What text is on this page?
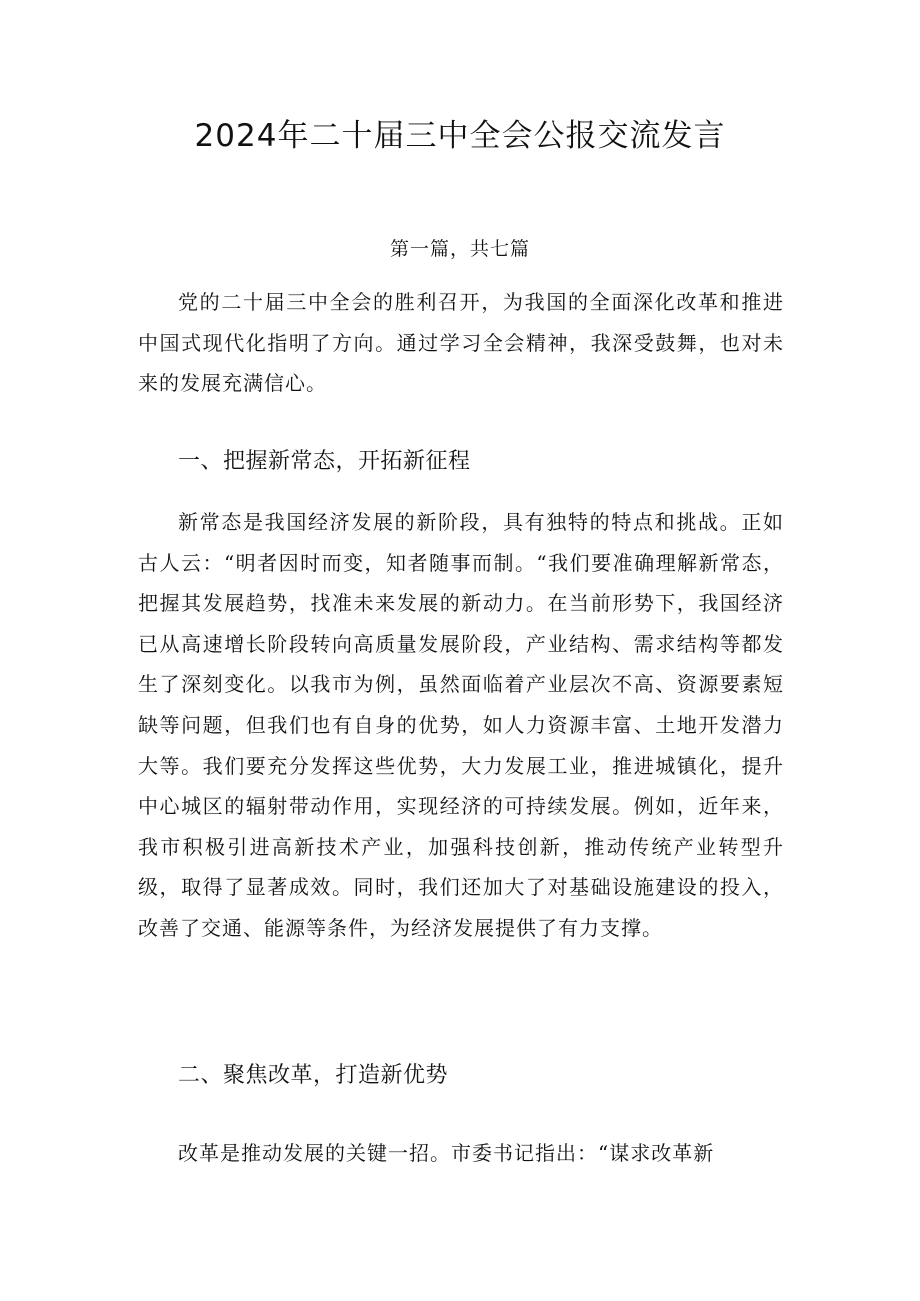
2024年二十届三中全会公报交流发言
第一篇，共七篇

党的二十届三中全会的胜利召开，为我国的全面深化改革和推进中国式现代化指明了方向。通过学习全会精神，我深受鼓舞，也对未来的发展充满信心。

一、把握新常态，开拓新征程

新常态是我国经济发展的新阶段，具有独特的特点和挑战。正如古人云：“明者因时而变，知者随事而制。“我们要准确理解新常态，把握其发展趋势，找准未来发展的新动力。在当前形势下，我国经济已从高速增长阶段转向高质量发展阶段，产业结构、需求结构等都发生了深刻变化。以我市为例，虽然面临着产业层次不高、资源要素短缺等问题，但我们也有自身的优势，如人力资源丰富、土地开发潜力大等。我们要充分发挥这些优势，大力发展工业，推进城镇化，提升中心城区的辐射带动作用，实现经济的可持续发展。例如，近年来，我市积极引进高新技术产业，加强科技创新，推动传统产业转型升级，取得了显著成效。同时，我们还加大了对基础设施建设的投入，改善了交通、能源等条件，为经济发展提供了有力支撑。

二、聚焦改革，打造新优势

改革是推动发展的关键一招。市委书记指出：“谋求改革新
